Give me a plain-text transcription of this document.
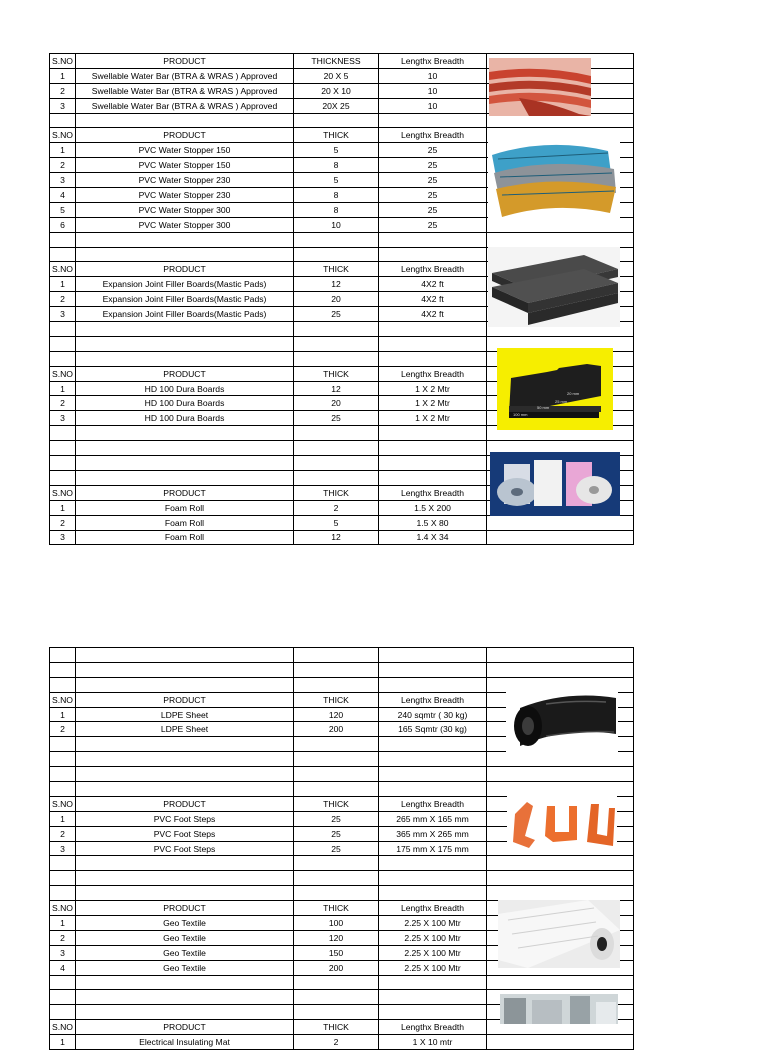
S.NO	PRODUCT	THICKNESS	Lengthx Breadth	
1	Swellable Water Bar (BTRA & WRAS ) Approved	20 X 5	10	
2	Swellable Water Bar (BTRA & WRAS ) Approved	20 X 10	10	
3	Swellable Water Bar (BTRA & WRAS ) Approved	20X 25	10	

S.NO	PRODUCT	THICK	Lengthx Breadth	
1	PVC Water Stopper 150	5	25	
2	PVC Water Stopper 150	8	25	
3	PVC Water Stopper 230	5	25	
4	PVC Water Stopper 230	8	25	
5	PVC Water Stopper 300	8	25	
6	PVC Water Stopper 300	10	25	

S.NO	PRODUCT	THICK	Lengthx Breadth	
1	Expansion Joint Filler Boards(Mastic Pads)	12	4X2 ft	
2	Expansion Joint Filler Boards(Mastic Pads)	20	4X2 ft	
3	Expansion Joint Filler Boards(Mastic Pads)	25	4X2 ft	

S.NO	PRODUCT	THICK	Lengthx Breadth	
1	HD 100 Dura Boards	12	1 X 2 Mtr	
2	HD 100 Dura Boards	20	1 X 2 Mtr	
3	HD 100 Dura Boards	25	1 X 2 Mtr	

S.NO	PRODUCT	THICK	Lengthx Breadth	
1	Foam Roll	2	1.5 X 200	
2	Foam Roll	5	1.5 X 80	
3	Foam Roll	12	1.4 X 34	

S.NO	PRODUCT	THICK	Lengthx Breadth	
1	LDPE Sheet	120	240 sqmtr ( 30 kg)	
2	LDPE Sheet	200	165 Sqmtr (30 kg)	

S.NO	PRODUCT	THICK	Lengthx Breadth	
1	PVC Foot Steps	25	265 mm X 165 mm	
2	PVC Foot Steps	25	365 mm X 265 mm	
3	PVC Foot Steps	25	175 mm X 175 mm	

S.NO	PRODUCT	THICK	Lengthx Breadth	
1	Geo Textile	100	2.25 X 100 Mtr	
2	Geo Textile	120	2.25 X 100 Mtr	
3	Geo Textile	150	2.25 X 100 Mtr	
4	Geo Textile	200	2.25 X 100 Mtr	

S.NO	PRODUCT	THICK	Lengthx Breadth	
1	Electrical Insulating Mat	2	1 X 10 mtr	
20 mm
25 mm
50 mm
100 mm
